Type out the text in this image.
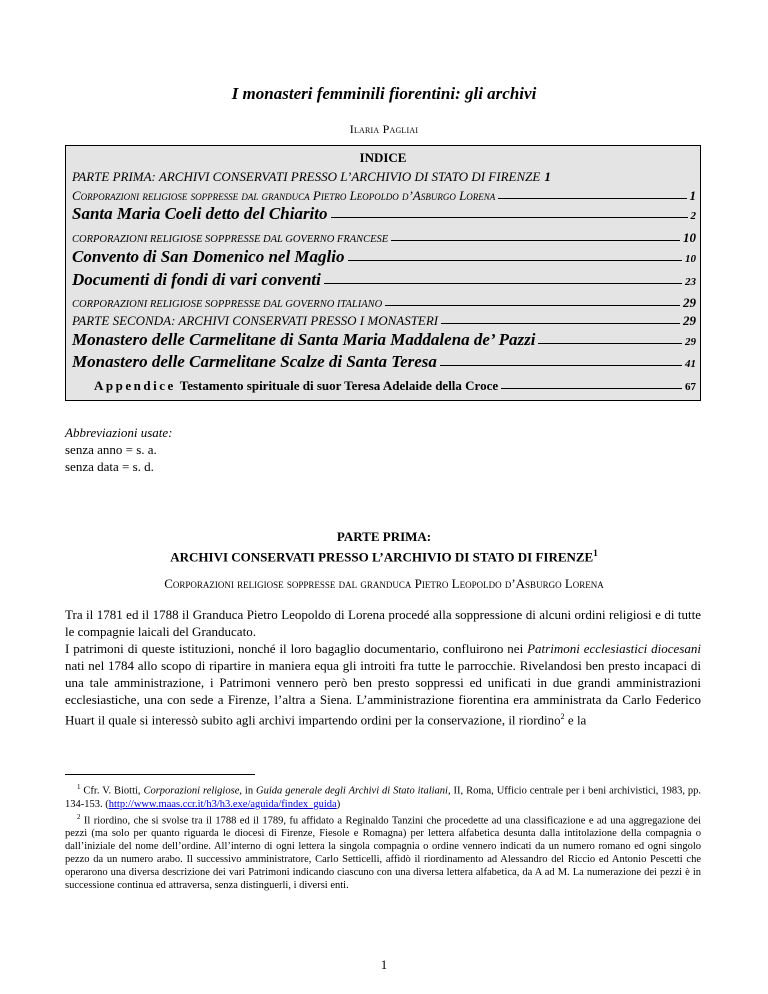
I monasteri femminili fiorentini: gli archivi
Ilaria Pagliai
INDICE
PARTE PRIMA: ARCHIVI CONSERVATI PRESSO L’ARCHIVIO DI STATO DI FIRENZE 1
Corporazioni religiose soppresse dal granduca Pietro Leopoldo d’Asburgo Lorena	1
Santa Maria Coeli detto del Chiarito	2
CORPORAZIONI RELIGIOSE SOPPRESSE DAL GOVERNO FRANCESE	10
Convento di San Domenico nel Maglio	10
Documenti di fondi di vari conventi	23
CORPORAZIONI RELIGIOSE SOPPRESSE DAL GOVERNO ITALIANO	29
PARTE SECONDA: ARCHIVI CONSERVATI PRESSO I MONASTERI	29
Monastero delle Carmelitane di Santa Maria Maddalena de’ Pazzi	29
Monastero delle Carmelitane Scalze di Santa Teresa	41
Appendice Testamento spirituale di suor Teresa Adelaide della Croce	67
Abbreviazioni usate:
senza anno = s. a.
senza data = s. d.
PARTE PRIMA:
ARCHIVI CONSERVATI PRESSO L’ARCHIVIO DI STATO DI FIRENZE$^1$
Corporazioni religiose soppresse dal granduca Pietro Leopoldo d’Asburgo Lorena

Tra il 1781 ed il 1788 il Granduca Pietro Leopoldo di Lorena procedé alla soppressione di alcuni ordini religiosi e di tutte le compagnie laicali del Granducato.

I patrimoni di queste istituzioni, nonché il loro bagaglio documentario, confluirono nei Patrimoni ecclesiastici diocesani nati nel 1784 allo scopo di ripartire in maniera equa gli introiti fra tutte le parrocchie. Rivelandosi ben presto incapaci di una tale amministrazione, i Patrimoni vennero però ben presto soppressi ed unificati in due grandi amministrazioni ecclesiastiche, una con sede a Firenze, l’altra a Siena. L’amministrazione fiorentina era amministrata da Carlo Federico Huart il quale si interessò subito agli archivi impartendo ordini per la conservazione, il riordino$^2$ e la

$^1$ Cfr. V. Biotti, Corporazioni religiose, in Guida generale degli Archivi di Stato italiani, II, Roma, Ufficio centrale per i beni archivistici, 1983, pp. 134-153. (http://www.maas.ccr.it/h3/h3.exe/aguida/findex_guida)

$^2$ Il riordino, che si svolse tra il 1788 ed il 1789, fu affidato a Reginaldo Tanzini che procedette ad una classificazione e ad una aggregazione dei pezzi (ma solo per quanto riguarda le diocesi di Firenze, Fiesole e Romagna) per lettera alfabetica desunta dalla intitolazione della compagnia o dall’iniziale del nome dell’ordine. All’interno di ogni lettera la singola compagnia o ordine vennero indicati da un numero romano ed ogni singolo pezzo da un numero arabo. Il successivo amministratore, Carlo Setticelli, affidò il riordinamento ad Alessandro del Riccio ed Antonio Pescetti che operarono una diversa descrizione dei vari Patrimoni indicando ciascuno con una diversa lettera alfabetica, da A ad M. La numerazione dei pezzi è in successione continua ed attraversa, senza distinguerli, i diversi enti.

1
